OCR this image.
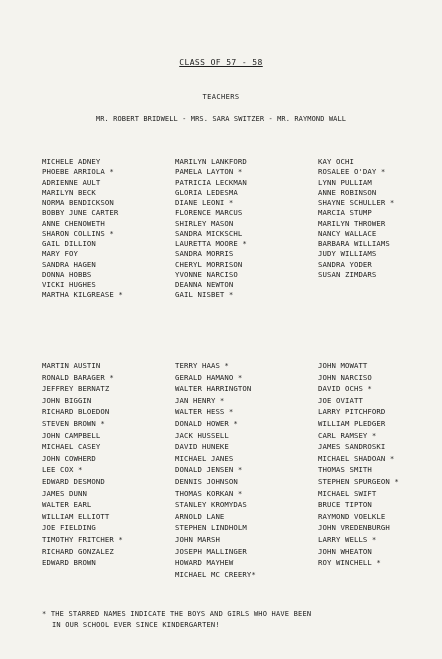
CLASS OF 57 - 58
TEACHERS
MR. ROBERT BRIDWELL - MRS. SARA SWITZER - MR. RAYMOND WALL
MICHELE ADNEY
PHOEBE ARRIOLA *
ADRIENNE AULT
MARILYN BECK
NORMA BENDICKSON
BOBBY JUNE CARTER
ANNE CHENOWETH
SHARON COLLINS *
GAIL DILLION
MARY FOY
SANDRA HAGEN
DONNA HOBBS
VICKI HUGHES
MARTHA KILGREASE *
MARILYN LANKFORD
PAMELA LAYTON *
PATRICIA LECKMAN
GLORIA LEDESMA
DIANE LEONI *
FLORENCE MARCUS
SHIRLEY MASON
SANDRA MICKSCHL
LAURETTA MOORE *
SANDRA MORRIS
CHERYL MORRISON
YVONNE NARCISO
DEANNA NEWTON
GAIL NISBET *
KAY OCHI
ROSALEE O'DAY *
LYNN PULLIAM
ANNE ROBINSON
SHAYNE SCHULLER *
MARCIA STUMP
MARILYN THROWER
NANCY WALLACE
BARBARA WILLIAMS
JUDY WILLIAMS
SANDRA YODER
SUSAN ZIMDARS
MARTIN AUSTIN
RONALD BARAGER *
JEFFREY BERNATZ
JOHN BIGGIN
RICHARD BLOEDON
STEVEN BROWN *
JOHN CAMPBELL
MICHAEL CASEY
JOHN COWHERD
LEE COX *
EDWARD DESMOND
JAMES DUNN
WALTER EARL
WILLIAM ELLIOTT
JOE FIELDING
TIMOTHY FRITCHER *
RICHARD GONZALEZ
EDWARD BROWN
TERRY HAAS *
GERALD HAMANO *
WALTER HARRINGTON
JAN HENRY *
WALTER HESS *
DONALD HOWER *
JACK HUSSELL
DAVID HUNEKE
MICHAEL JANES
DONALD JENSEN *
DENNIS JOHNSON
THOMAS KORKAN *
STANLEY KROMYDAS
ARNOLD LANE
STEPHEN LINDHOLM
JOHN MARSH
JOSEPH MALLINGER
HOWARD MAYHEW
MICHAEL MC CREERY*
JOHN MOWATT
JOHN NARCISO
DAVID OCHS *
JOE OVIATT
LARRY PITCHFORD
WILLIAM PLEDGER
CARL RAMSEY *
JAMES SANDROSKI
MICHAEL SHADOAN *
THOMAS SMITH
STEPHEN SPURGEON *
MICHAEL SWIFT
BRUCE TIPTON
RAYMOND VOELKLE
JOHN VREDENBURGH
LARRY WELLS *
JOHN WHEATON
ROY WINCHELL *
* THE STARRED NAMES INDICATE THE BOYS AND GIRLS WHO HAVE BEEN
IN OUR SCHOOL EVER SINCE KINDERGARTEN!
